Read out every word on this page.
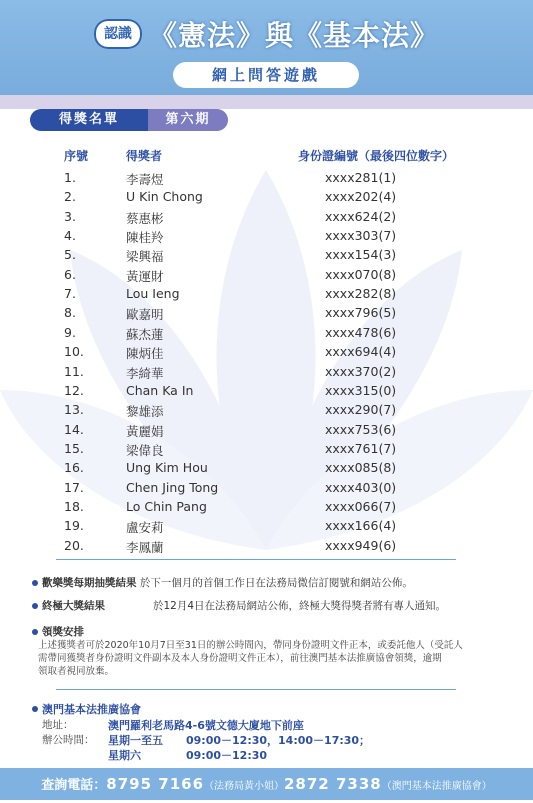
認識 《憲法》與《基本法》
網上問答遊戲
得獎名單	第六期
序號	得獎者	身份證編號（最後四位數字）
1.	李壽煜	xxxx281(1)
2.	U Kin Chong	xxxx202(4)
3.	蔡惠彬	xxxx624(2)
4.	陳桂羚	xxxx303(7)
5.	梁興福	xxxx154(3)
6.	黃運財	xxxx070(8)
7.	Lou Ieng	xxxx282(8)
8.	歐嘉明	xxxx796(5)
9.	蘇杰蓮	xxxx478(6)
10.	陳炳佳	xxxx694(4)
11.	李綺華	xxxx370(2)
12.	Chan Ka In	xxxx315(0)
13.	黎雄添	xxxx290(7)
14.	黃麗娟	xxxx753(6)
15.	梁偉良	xxxx761(7)
16.	Ung Kim Hou	xxxx085(8)
17.	Chen Jing Tong	xxxx403(0)
18.	Lo Chin Pang	xxxx066(7)
19.	盧安莉	xxxx166(4)
20.	李鳳蘭	xxxx949(6)
歡樂獎每期抽獎結果 於下一個月的首個工作日在法務局微信訂閱號和網站公佈。
終極大獎結果	於12月4日在法務局網站公佈，終極大獎得獎者將有專人通知。
領獎安排
上述獲獎者可於2020年10月7日至31日的辦公時間內，帶同身份證明文件正本，或委託他人（受託人
需帶同獲獎者身份證明文件副本及本人身份證明文件正本），前往澳門基本法推廣協會領獎，逾期
領取者視同放棄。
澳門基本法推廣協會
地址：	澳門羅利老馬路4-6號文德大廈地下前座
辦公時間： 星期一至五 09:00－12:30，14:00－17:30；
星期六	09:00－12:30
查詢電話：8795 7166（法務局黃小姐）2872 7338（澳門基本法推廣協會）
